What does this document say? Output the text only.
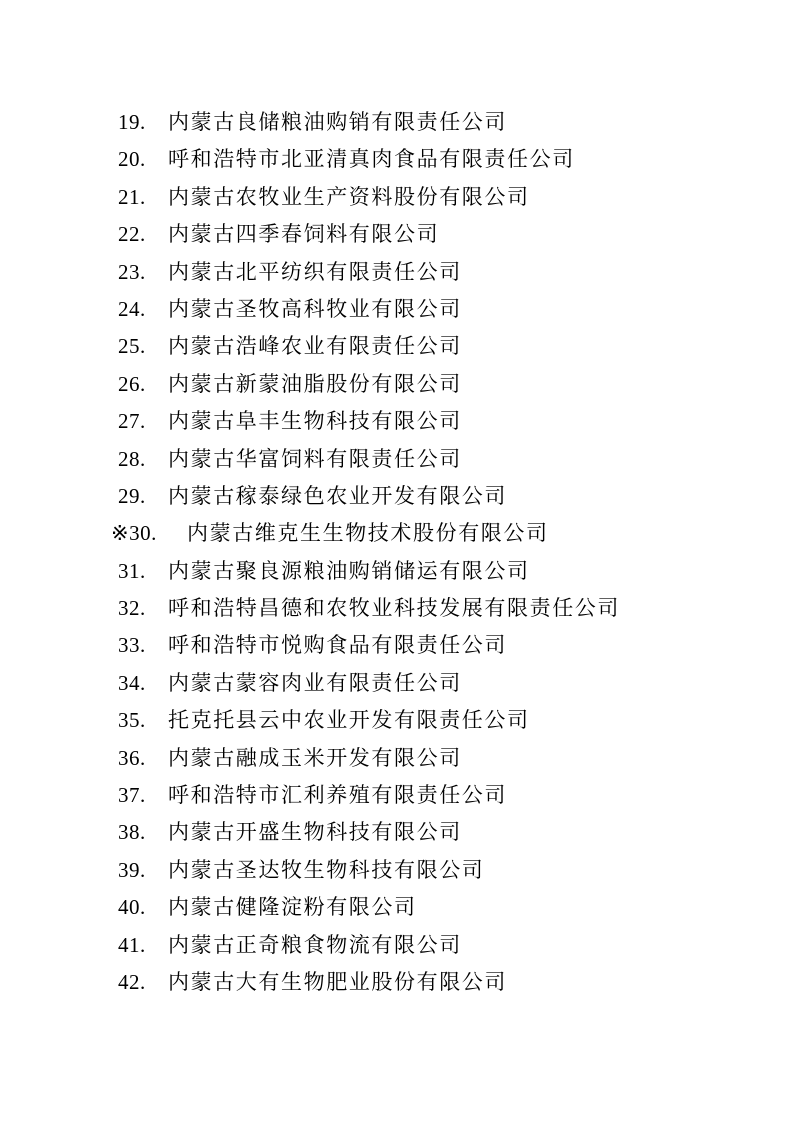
19. 内蒙古良储粮油购销有限责任公司
20. 呼和浩特市北亚清真肉食品有限责任公司
21. 内蒙古农牧业生产资料股份有限公司
22. 内蒙古四季春饲料有限公司
23. 内蒙古北平纺织有限责任公司
24. 内蒙古圣牧高科牧业有限公司
25. 内蒙古浩峰农业有限责任公司
26. 内蒙古新蒙油脂股份有限公司
27. 内蒙古阜丰生物科技有限公司
28. 内蒙古华富饲料有限责任公司
29. 内蒙古稼泰绿色农业开发有限公司
※30. 内蒙古维克生生物技术股份有限公司
31. 内蒙古聚良源粮油购销储运有限公司
32. 呼和浩特昌德和农牧业科技发展有限责任公司
33. 呼和浩特市悦购食品有限责任公司
34. 内蒙古蒙容肉业有限责任公司
35. 托克托县云中农业开发有限责任公司
36. 内蒙古融成玉米开发有限公司
37. 呼和浩特市汇利养殖有限责任公司
38. 内蒙古开盛生物科技有限公司
39. 内蒙古圣达牧生物科技有限公司
40. 内蒙古健隆淀粉有限公司
41. 内蒙古正奇粮食物流有限公司
42. 内蒙古大有生物肥业股份有限公司
